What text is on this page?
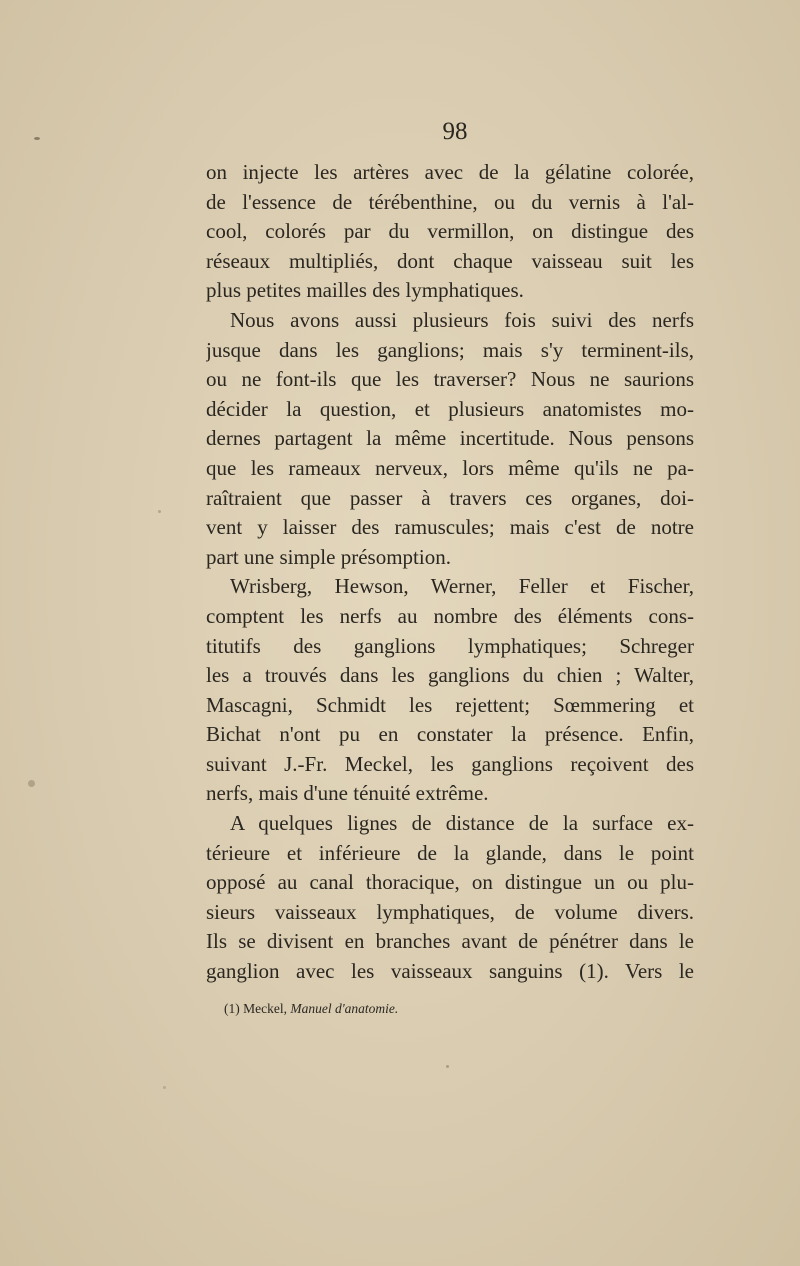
98
on injecte les artères avec de la gélatine colorée,
de l'essence de térébenthine, ou du vernis à l'al-
cool, colorés par du vermillon, on distingue des
réseaux multipliés, dont chaque vaisseau suit les
plus petites mailles des lymphatiques.
Nous avons aussi plusieurs fois suivi des nerfs
jusque dans les ganglions; mais s'y terminent-ils,
ou ne font-ils que les traverser? Nous ne saurions
décider la question, et plusieurs anatomistes mo-
dernes partagent la même incertitude. Nous pensons
que les rameaux nerveux, lors même qu'ils ne pa-
raîtraient que passer à travers ces organes, doi-
vent y laisser des ramuscules; mais c'est de notre
part une simple présomption.
Wrisberg, Hewson, Werner, Feller et Fischer,
comptent les nerfs au nombre des éléments cons-
titutifs des ganglions lymphatiques; Schreger
les a trouvés dans les ganglions du chien ; Walter,
Mascagni, Schmidt les rejettent; Sœmmering et
Bichat n'ont pu en constater la présence. Enfin,
suivant J.-Fr. Meckel, les ganglions reçoivent des
nerfs, mais d'une ténuité extrême.
A quelques lignes de distance de la surface ex-
térieure et inférieure de la glande, dans le point
opposé au canal thoracique, on distingue un ou plu-
sieurs vaisseaux lymphatiques, de volume divers.
Ils se divisent en branches avant de pénétrer dans le
ganglion avec les vaisseaux sanguins (1). Vers le
(1) Meckel, Manuel d'anatomie.
